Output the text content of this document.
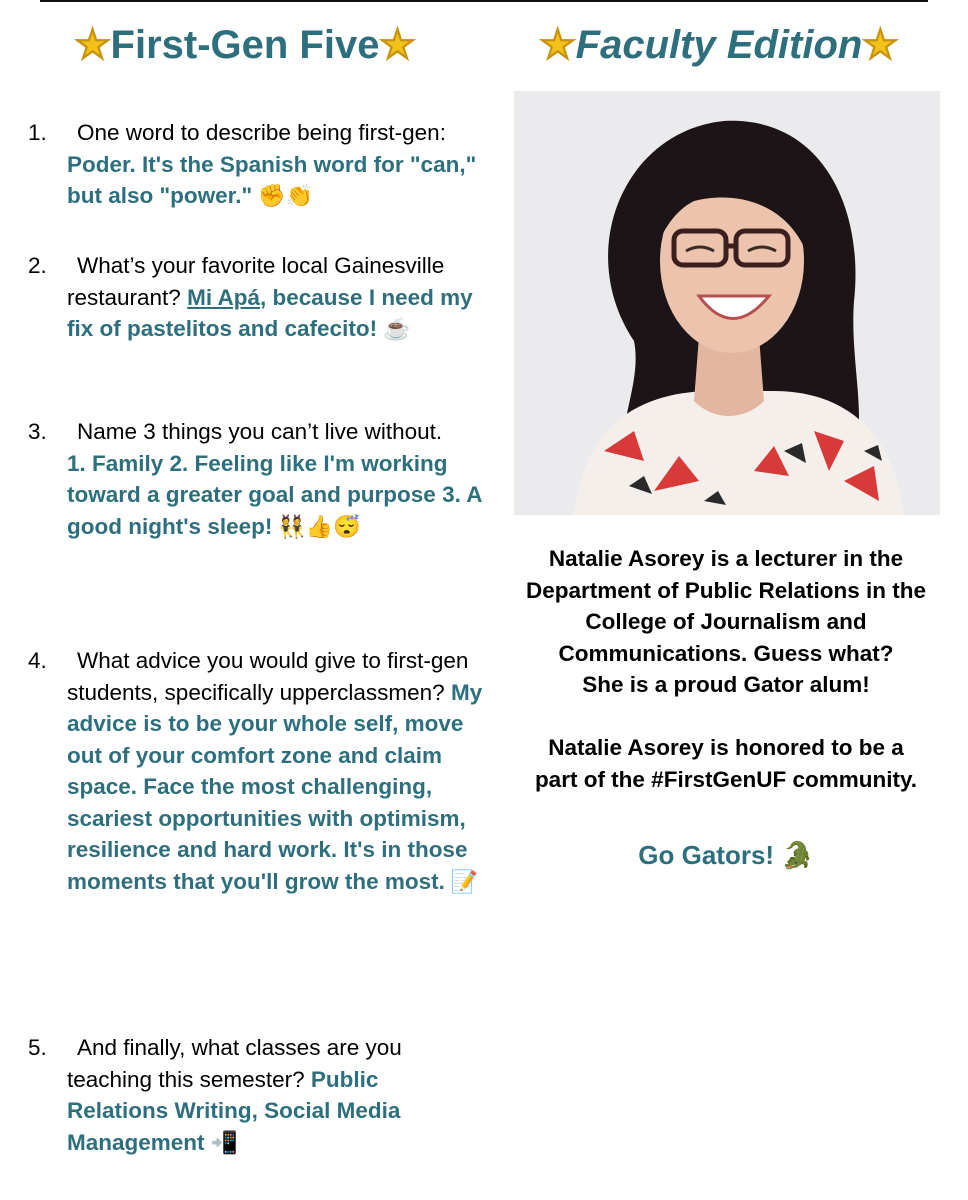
★First-Gen Five★	★Faculty Edition★
1.	One word to describe being first-gen: Poder. It's the Spanish word for "can," but also "power." ✊👏
2.	What’s your favorite local Gainesville restaurant? Mi Apá, because I need my fix of pastelitos and cafecito! ☕
3.	Name 3 things you can’t live without.
1. Family 2. Feeling like I'm working toward a greater goal and purpose 3. A good night's sleep! 👯👍😴
4.	What advice you would give to first-gen students, specifically upperclassmen? My advice is to be your whole self, move out of your comfort zone and claim space. Face the most challenging, scariest opportunities with optimism, resilience and hard work. It's in those moments that you'll grow the most. 📝
5.	And finally, what classes are you teaching this semester? Public Relations Writing, Social Media Management 📲

Natalie Asorey is a lecturer in the

Department of Public Relations in the

College of Journalism and

Communications. Guess what?

She is a proud Gator alum!

Natalie Asorey is honored to be a

part of the #FirstGenUF community.

Go Gators! 🐊
